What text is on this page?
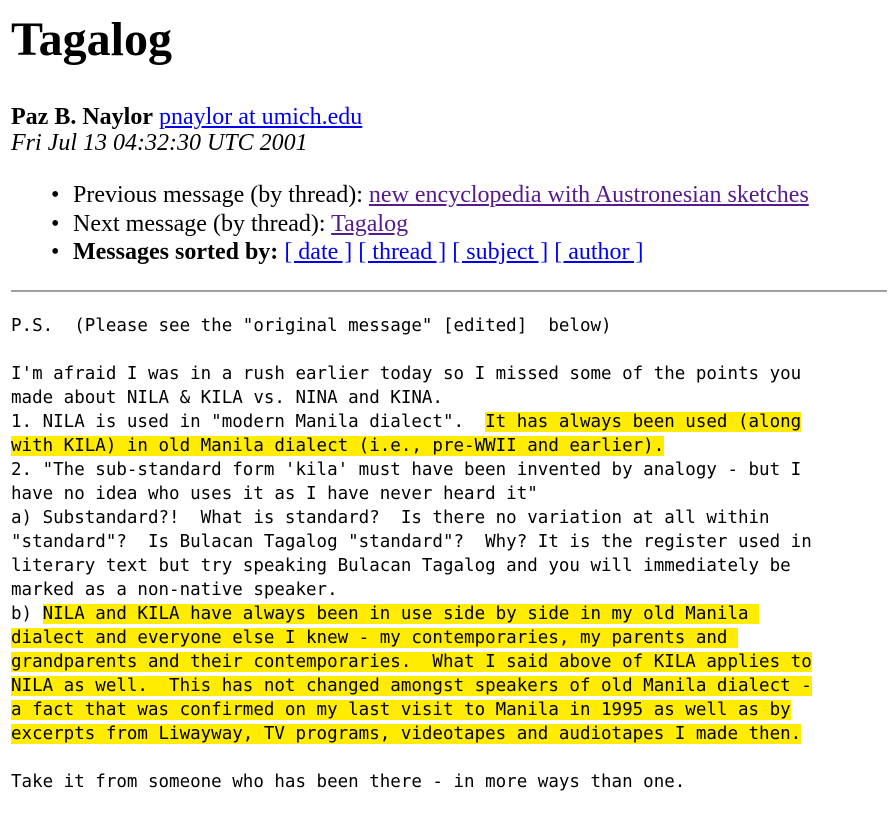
Tagalog
Paz B. Naylor pnaylor at umich.edu
Fri Jul 13 04:32:30 UTC 2001
• Previous message (by thread): new encyclopedia with Austronesian sketches
• Next message (by thread): Tagalog
• Messages sorted by: [ date ] [ thread ] [ subject ] [ author ]
P.S.  (Please see the "original message" [edited]  below)

I'm afraid I was in a rush earlier today so I missed some of the points you
made about NILA & KILA vs. NINA and KINA.
1. NILA is used in "modern Manila dialect".  It has always been used (along
with KILA) in old Manila dialect (i.e., pre-WWII and earlier).
2. "The sub-standard form 'kila' must have been invented by analogy - but I
have no idea who uses it as I have never heard it"
a) Substandard?!  What is standard?  Is there no variation at all within
"standard"?  Is Bulacan Tagalog "standard"?  Why? It is the register used in
literary text but try speaking Bulacan Tagalog and you will immediately be
marked as a non-native speaker.
b) NILA and KILA have always been in use side by side in my old Manila
dialect and everyone else I knew - my contemporaries, my parents and
grandparents and their contemporaries.  What I said above of KILA applies to
NILA as well.  This has not changed amongst speakers of old Manila dialect -
a fact that was confirmed on my last visit to Manila in 1995 as well as by
excerpts from Liwayway, TV programs, videotapes and audiotapes I made then.

Take it from someone who has been there - in more ways than one.
